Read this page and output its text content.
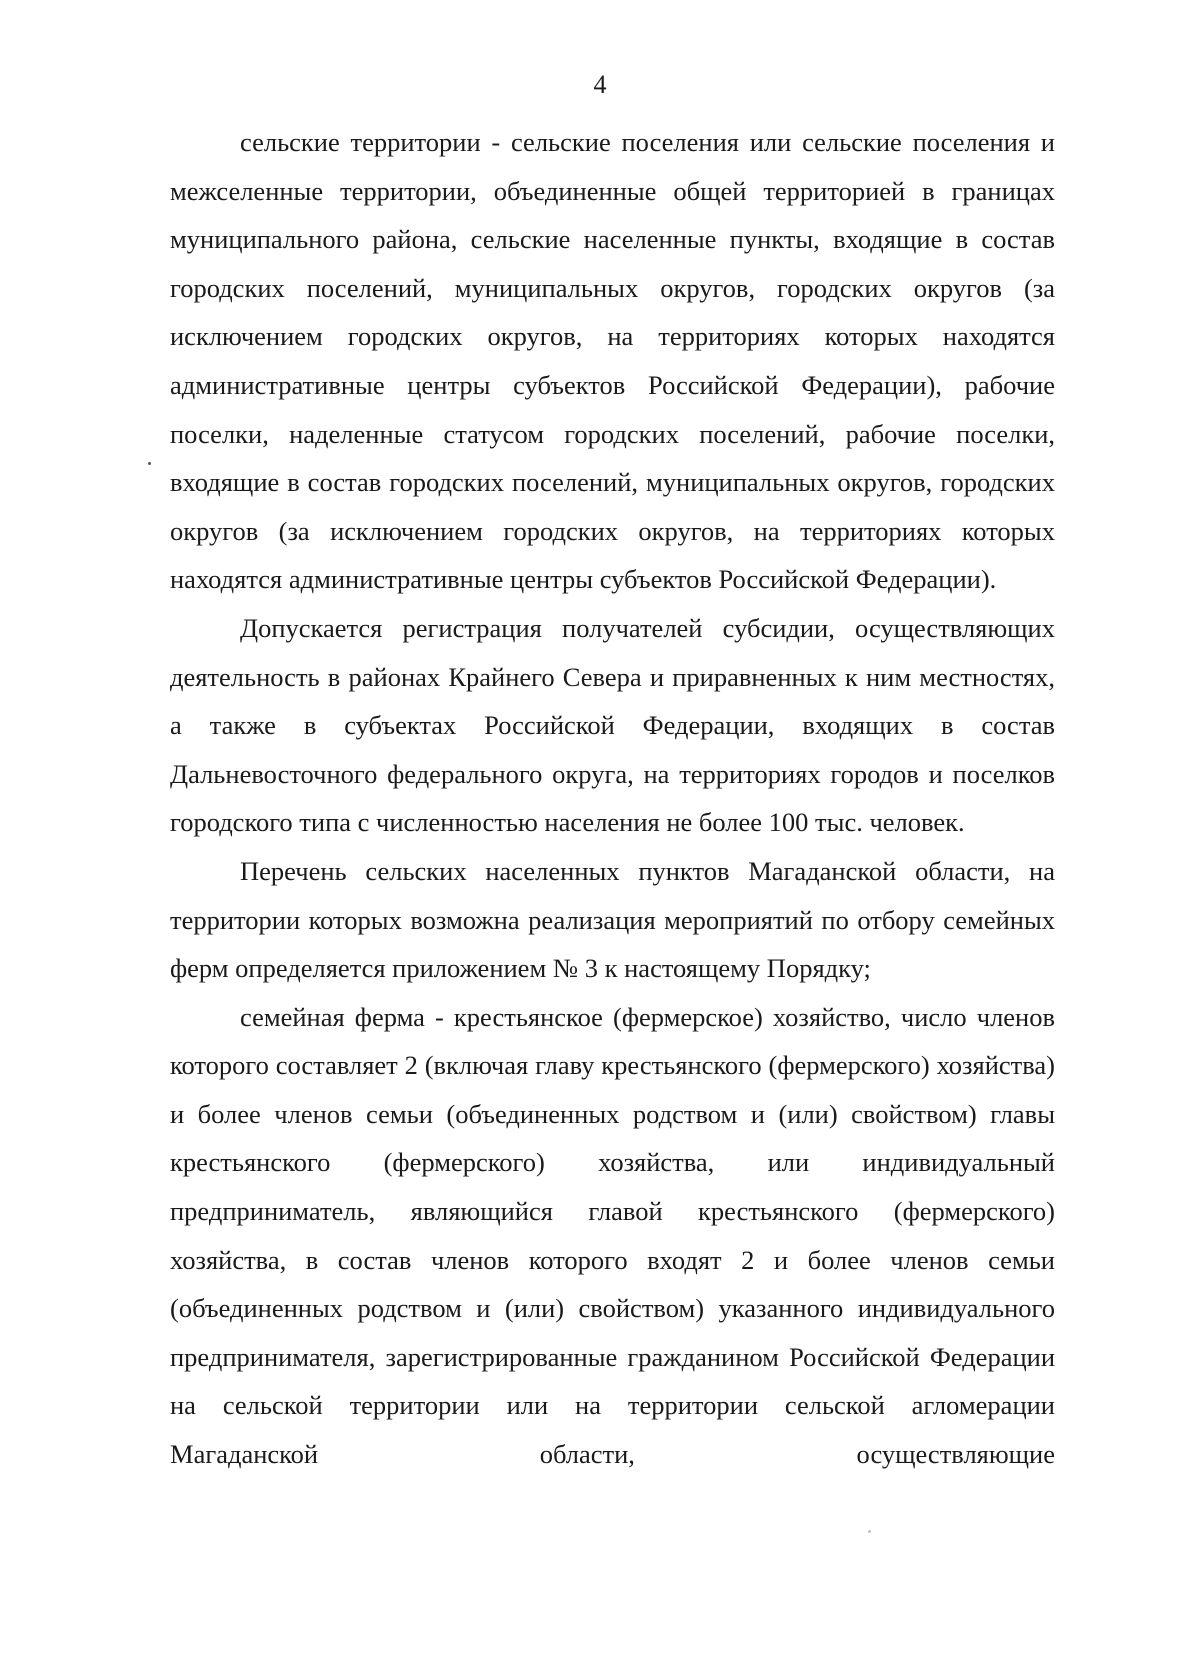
4

сельские территории - сельские поселения или сельские поселения и межселенные территории, объединенные общей территорией в границах муниципального района, сельские населенные пункты, входящие в состав городских поселений, муниципальных округов, городских округов (за исключением городских округов, на территориях которых находятся административные центры субъектов Российской Федерации), рабочие поселки, наделенные статусом городских поселений, рабочие поселки, входящие в состав городских поселений, муниципальных округов, городских округов (за исключением городских округов, на территориях которых находятся административные центры субъектов Российской Федерации).

Допускается регистрация получателей субсидии, осуществляющих деятельность в районах Крайнего Севера и приравненных к ним местностях, а также в субъектах Российской Федерации, входящих в состав Дальневосточного федерального округа, на территориях городов и поселков городского типа с численностью населения не более 100 тыс. человек.

Перечень сельских населенных пунктов Магаданской области, на территории которых возможна реализация мероприятий по отбору семейных ферм определяется приложением № 3 к настоящему Порядку;

семейная ферма - крестьянское (фермерское) хозяйство, число членов которого составляет 2 (включая главу крестьянского (фермерского) хозяйства) и более членов семьи (объединенных родством и (или) свойством) главы крестьянского (фермерского) хозяйства, или индивидуальный предприниматель, являющийся главой крестьянского (фермерского) хозяйства, в состав членов которого входят 2 и более членов семьи (объединенных родством и (или) свойством) указанного индивидуального предпринимателя, зарегистрированные гражданином Российской Федерации на сельской территории или на территории сельской агломерации Магаданской области, осуществляющие
